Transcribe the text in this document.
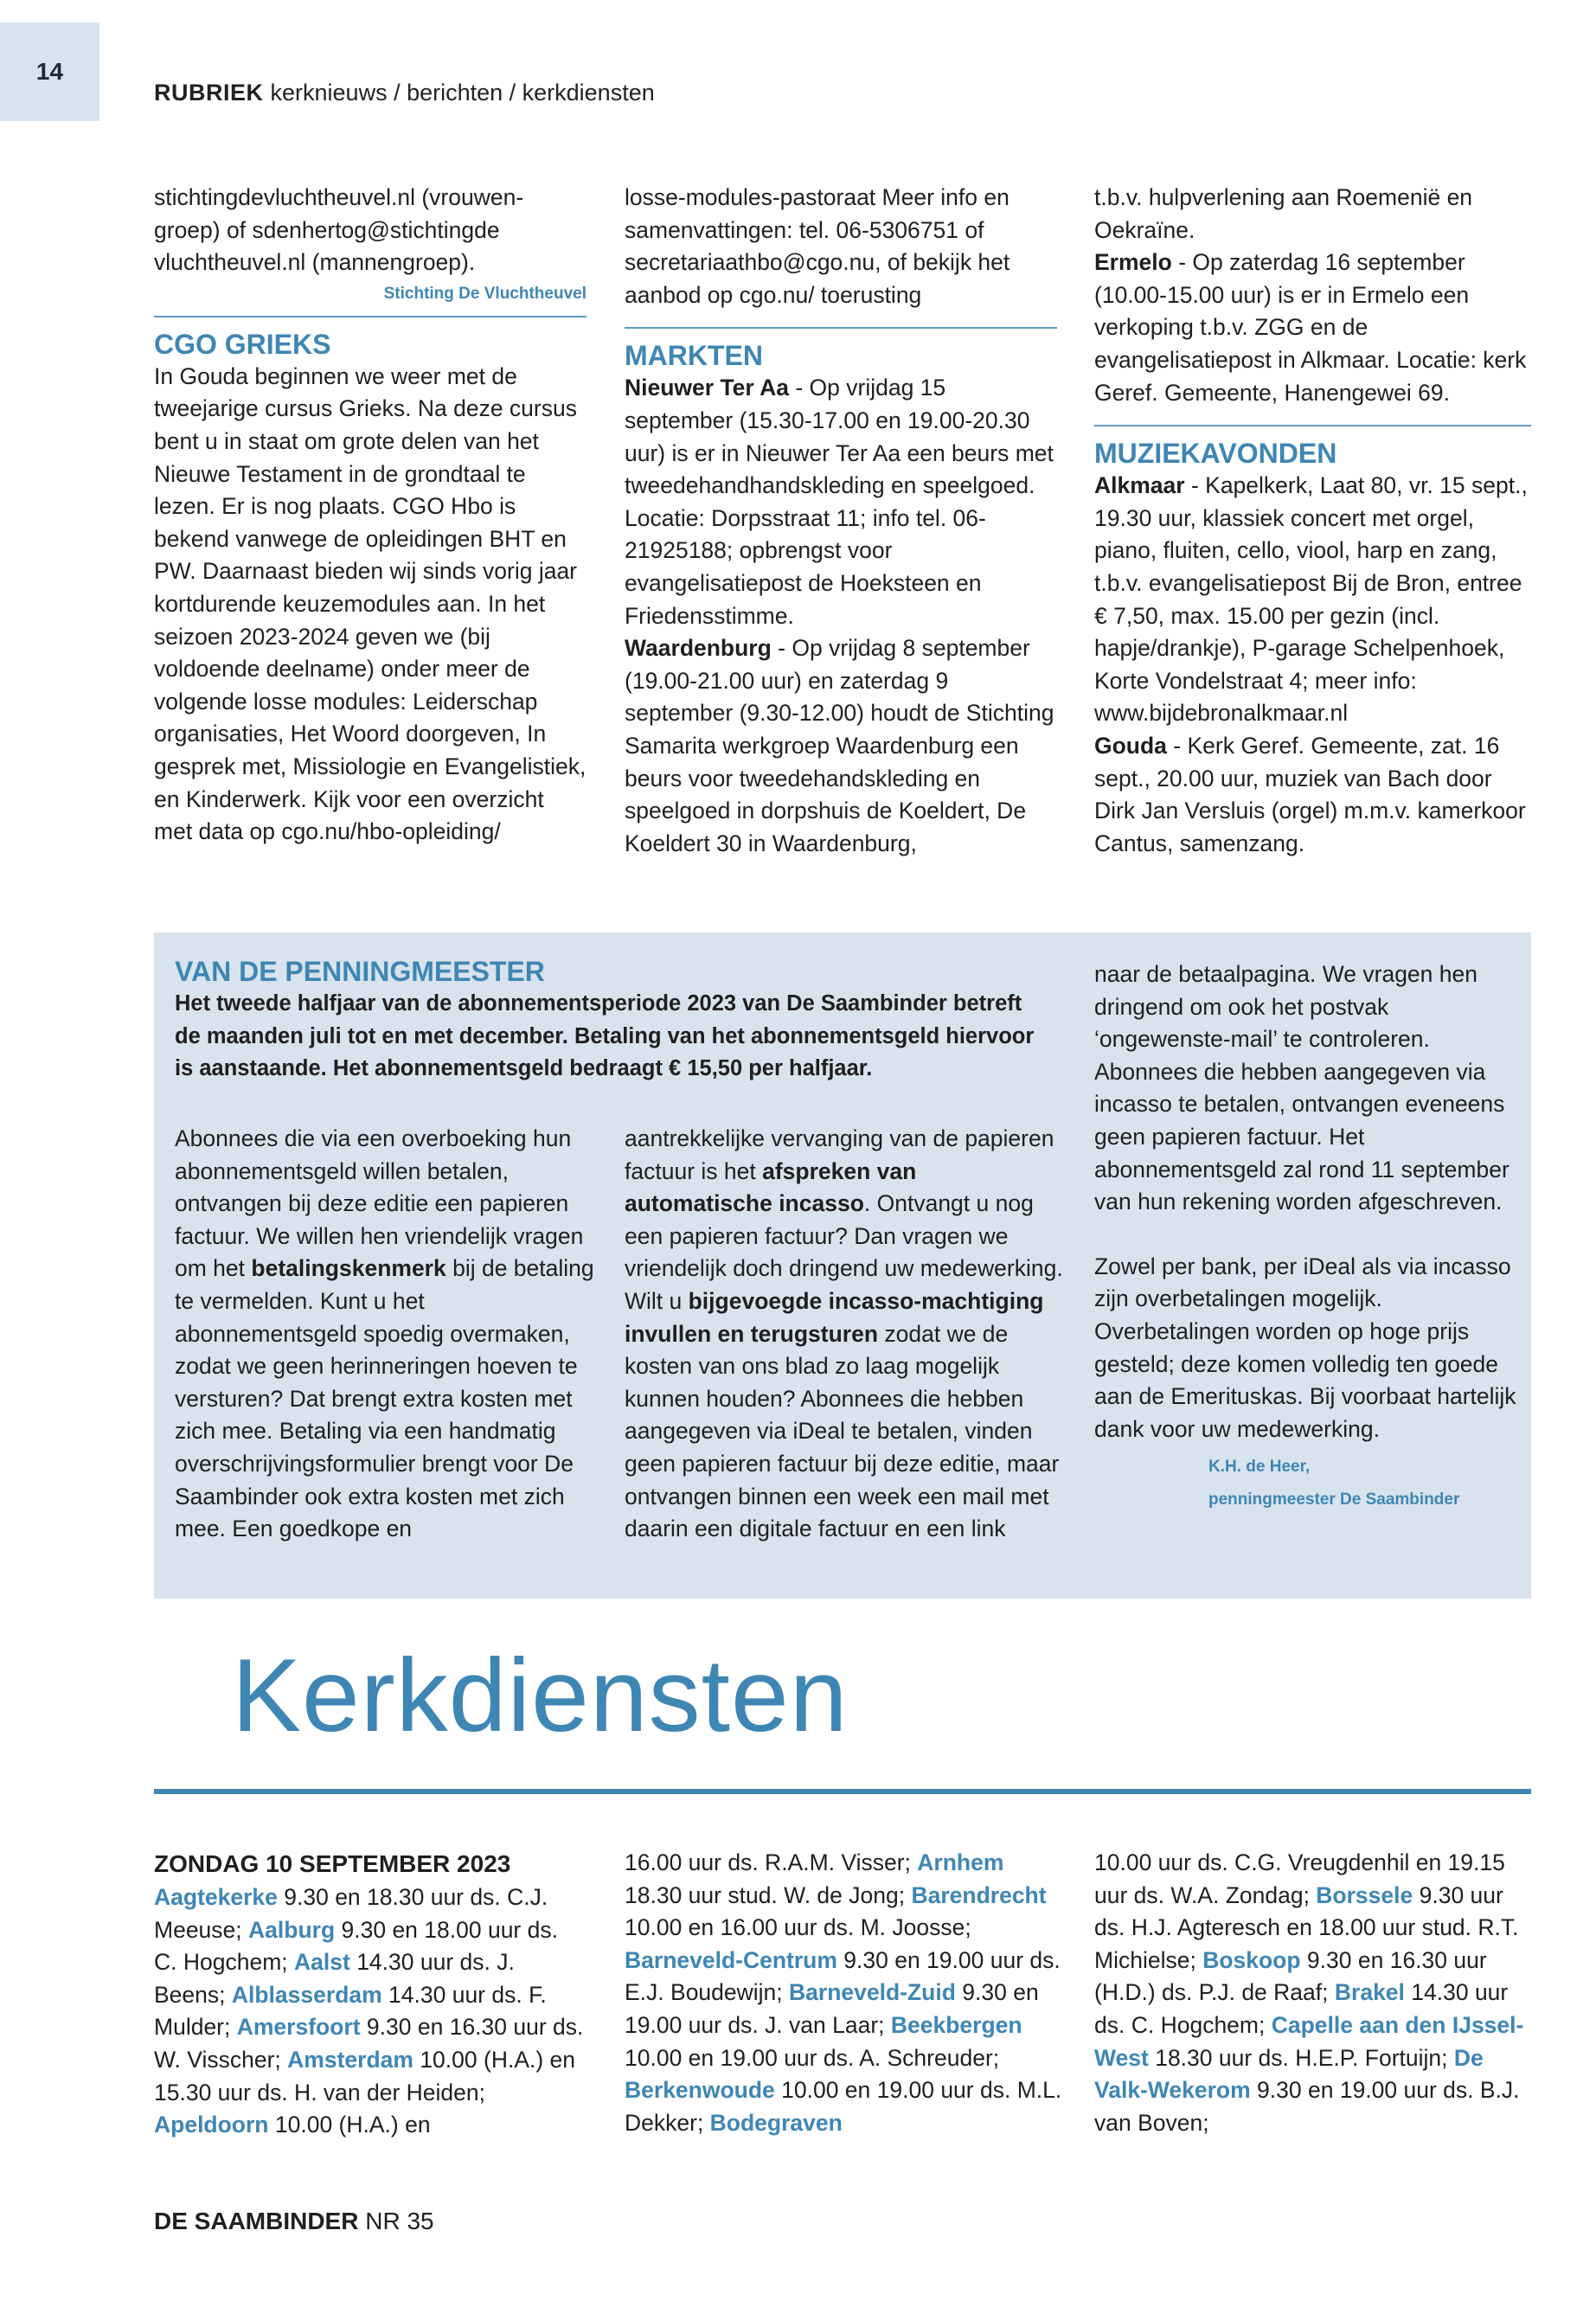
14
RUBRIEK kerknieuws / berichten / kerkdiensten

stichtingdevluchtheuvel.nl (vrouwen-groep) of sdenhertog@stichtingde vluchtheuvel.nl (mannengroep).

Stichting De Vluchtheuvel
CGO GRIEKS

In Gouda beginnen we weer met de tweejarige cursus Grieks. Na deze cursus bent u in staat om grote delen van het Nieuwe Testament in de grondtaal te lezen. Er is nog plaats. CGO Hbo is bekend vanwege de opleidingen BHT en PW. Daarnaast bieden wij sinds vorig jaar kortdurende keuzemodules aan. In het seizoen 2023-2024 geven we (bij voldoende deelname) onder meer de volgende losse modules: Leiderschap organisaties, Het Woord doorgeven, In gesprek met, Missiologie en Evangelistiek, en Kinderwerk. Kijk voor een overzicht met data op cgo.nu/hbo-opleiding/

losse-modules-pastoraat Meer info en samenvattingen: tel. 06-5306751 of secretariaathbo@cgo.nu, of bekijk het aanbod op cgo.nu/ toerusting

MARKTEN

Nieuwer Ter Aa - Op vrijdag 15 september (15.30-17.00 en 19.00-20.30 uur) is er in Nieuwer Ter Aa een beurs met tweedehandhandskleding en speelgoed. Locatie: Dorpsstraat 11; info tel. 06-21925188; opbrengst voor evangelisatiepost de Hoeksteen en Friedensstimme.

Waardenburg - Op vrijdag 8 september (19.00-21.00 uur) en zaterdag 9 september (9.30-12.00) houdt de Stichting Samarita werkgroep Waardenburg een beurs voor tweedehandskleding en speelgoed in dorpshuis de Koeldert, De Koeldert 30 in Waardenburg,

t.b.v. hulpverlening aan Roemenië en Oekraïne.

Ermelo - Op zaterdag 16 september (10.00-15.00 uur) is er in Ermelo een verkoping t.b.v. ZGG en de evangelisatiepost in Alkmaar. Locatie: kerk Geref. Gemeente, Hanengewei 69.

MUZIEKAVONDEN

Alkmaar - Kapelkerk, Laat 80, vr. 15 sept., 19.30 uur, klassiek concert met orgel, piano, fluiten, cello, viool, harp en zang, t.b.v. evangelisatiepost Bij de Bron, entree € 7,50, max. 15.00 per gezin (incl. hapje/drankje), P-garage Schelpenhoek, Korte Vondelstraat 4; meer info: www.bijdebronalkmaar.nl

Gouda - Kerk Geref. Gemeente, zat. 16 sept., 20.00 uur, muziek van Bach door Dirk Jan Versluis (orgel) m.m.v. kamerkoor Cantus, samenzang.

VAN DE PENNINGMEESTER

Het tweede halfjaar van de abonnementsperiode 2023 van De Saambinder betreft de maanden juli tot en met december. Betaling van het abonnementsgeld hiervoor is aanstaande. Het abonnementsgeld bedraagt € 15,50 per halfjaar.

Abonnees die via een overboeking hun abonnementsgeld willen betalen, ontvangen bij deze editie een papieren factuur. We willen hen vriendelijk vragen om het betalingskenmerk bij de betaling te vermelden. Kunt u het abonnementsgeld spoedig overmaken, zodat we geen herinneringen hoeven te versturen? Dat brengt extra kosten met zich mee. Betaling via een handmatig overschrijvingsformulier brengt voor De Saambinder ook extra kosten met zich mee. Een goedkope en

aantrekkelijke vervanging van de papieren factuur is het afspreken van automatische incasso. Ontvangt u nog een papieren factuur? Dan vragen we vriendelijk doch dringend uw medewerking. Wilt u bijgevoegde incasso-machtiging invullen en terugsturen zodat we de kosten van ons blad zo laag mogelijk kunnen houden? Abonnees die hebben aangegeven via iDeal te betalen, vinden geen papieren factuur bij deze editie, maar ontvangen binnen een week een mail met daarin een digitale factuur en een link

naar de betaalpagina. We vragen hen dringend om ook het postvak ‘ongewenste-mail’ te controleren. Abonnees die hebben aangegeven via incasso te betalen, ontvangen eveneens geen papieren factuur. Het abonnementsgeld zal rond 11 september van hun rekening worden afgeschreven.

Zowel per bank, per iDeal als via incasso zijn overbetalingen mogelijk. Overbetalingen worden op hoge prijs gesteld; deze komen volledig ten goede aan de Emerituskas. Bij voorbaat hartelijk dank voor uw medewerking.

K.H. de Heer,
penningmeester De Saambinder
Kerkdiensten
ZONDAG 10 SEPTEMBER 2023

Aagtekerke 9.30 en 18.30 uur ds. C.J. Meeuse; Aalburg 9.30 en 18.00 uur ds. C. Hogchem; Aalst 14.30 uur ds. J. Beens; Alblasserdam 14.30 uur ds. F. Mulder; Amersfoort 9.30 en 16.30 uur ds. W. Visscher; Amsterdam 10.00 (H.A.) en 15.30 uur ds. H. van der Heiden; Apeldoorn 10.00 (H.A.) en

16.00 uur ds. R.A.M. Visser; Arnhem 18.30 uur stud. W. de Jong; Barendrecht 10.00 en 16.00 uur ds. M. Joosse; Barneveld-Centrum 9.30 en 19.00 uur ds. E.J. Boudewijn; Barneveld-Zuid 9.30 en 19.00 uur ds. J. van Laar; Beekbergen 10.00 en 19.00 uur ds. A. Schreuder; Berkenwoude 10.00 en 19.00 uur ds. M.L. Dekker; Bodegraven

10.00 uur ds. C.G. Vreugdenhil en 19.15 uur ds. W.A. Zondag; Borssele 9.30 uur ds. H.J. Agteresch en 18.00 uur stud. R.T. Michielse; Boskoop 9.30 en 16.30 uur (H.D.) ds. P.J. de Raaf; Brakel 14.30 uur ds. C. Hogchem; Capelle aan den IJssel-West 18.30 uur ds. H.E.P. Fortuijn; De Valk-Wekerom 9.30 en 19.00 uur ds. B.J. van Boven;

DE SAAMBINDER NR 35
